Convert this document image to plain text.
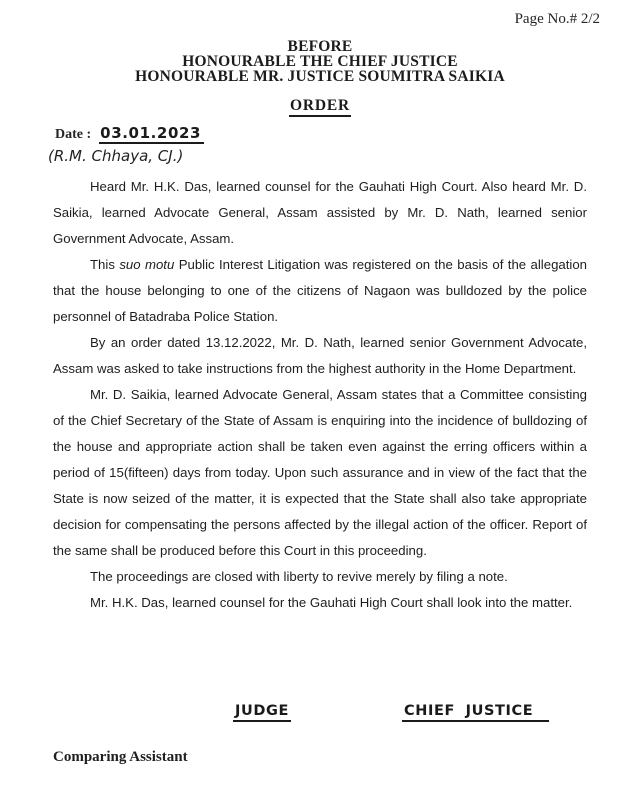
Page No.# 2/2
BEFORE
HONOURABLE THE CHIEF JUSTICE
HONOURABLE MR. JUSTICE SOUMITRA SAIKIA
ORDER
Date : 03.01.2023
(R.M. Chhaya, CJ.)

Heard Mr. H.K. Das, learned counsel for the Gauhati High Court. Also heard Mr. D. Saikia, learned Advocate General, Assam assisted by Mr. D. Nath, learned senior Government Advocate, Assam.

This suo motu Public Interest Litigation was registered on the basis of the allegation that the house belonging to one of the citizens of Nagaon was bulldozed by the police personnel of Batadraba Police Station.

By an order dated 13.12.2022, Mr. D. Nath, learned senior Government Advocate, Assam was asked to take instructions from the highest authority in the Home Department.

Mr. D. Saikia, learned Advocate General, Assam states that a Committee consisting of the Chief Secretary of the State of Assam is enquiring into the incidence of bulldozing of the house and appropriate action shall be taken even against the erring officers within a period of 15(fifteen) days from today. Upon such assurance and in view of the fact that the State is now seized of the matter, it is expected that the State shall also take appropriate decision for compensating the persons affected by the illegal action of the officer. Report of the same shall be produced before this Court in this proceeding.

The proceedings are closed with liberty to revive merely by filing a note.

Mr. H.K. Das, learned counsel for the Gauhati High Court shall look into the matter.

JUDGE	CHIEF JUSTICE
Comparing Assistant
